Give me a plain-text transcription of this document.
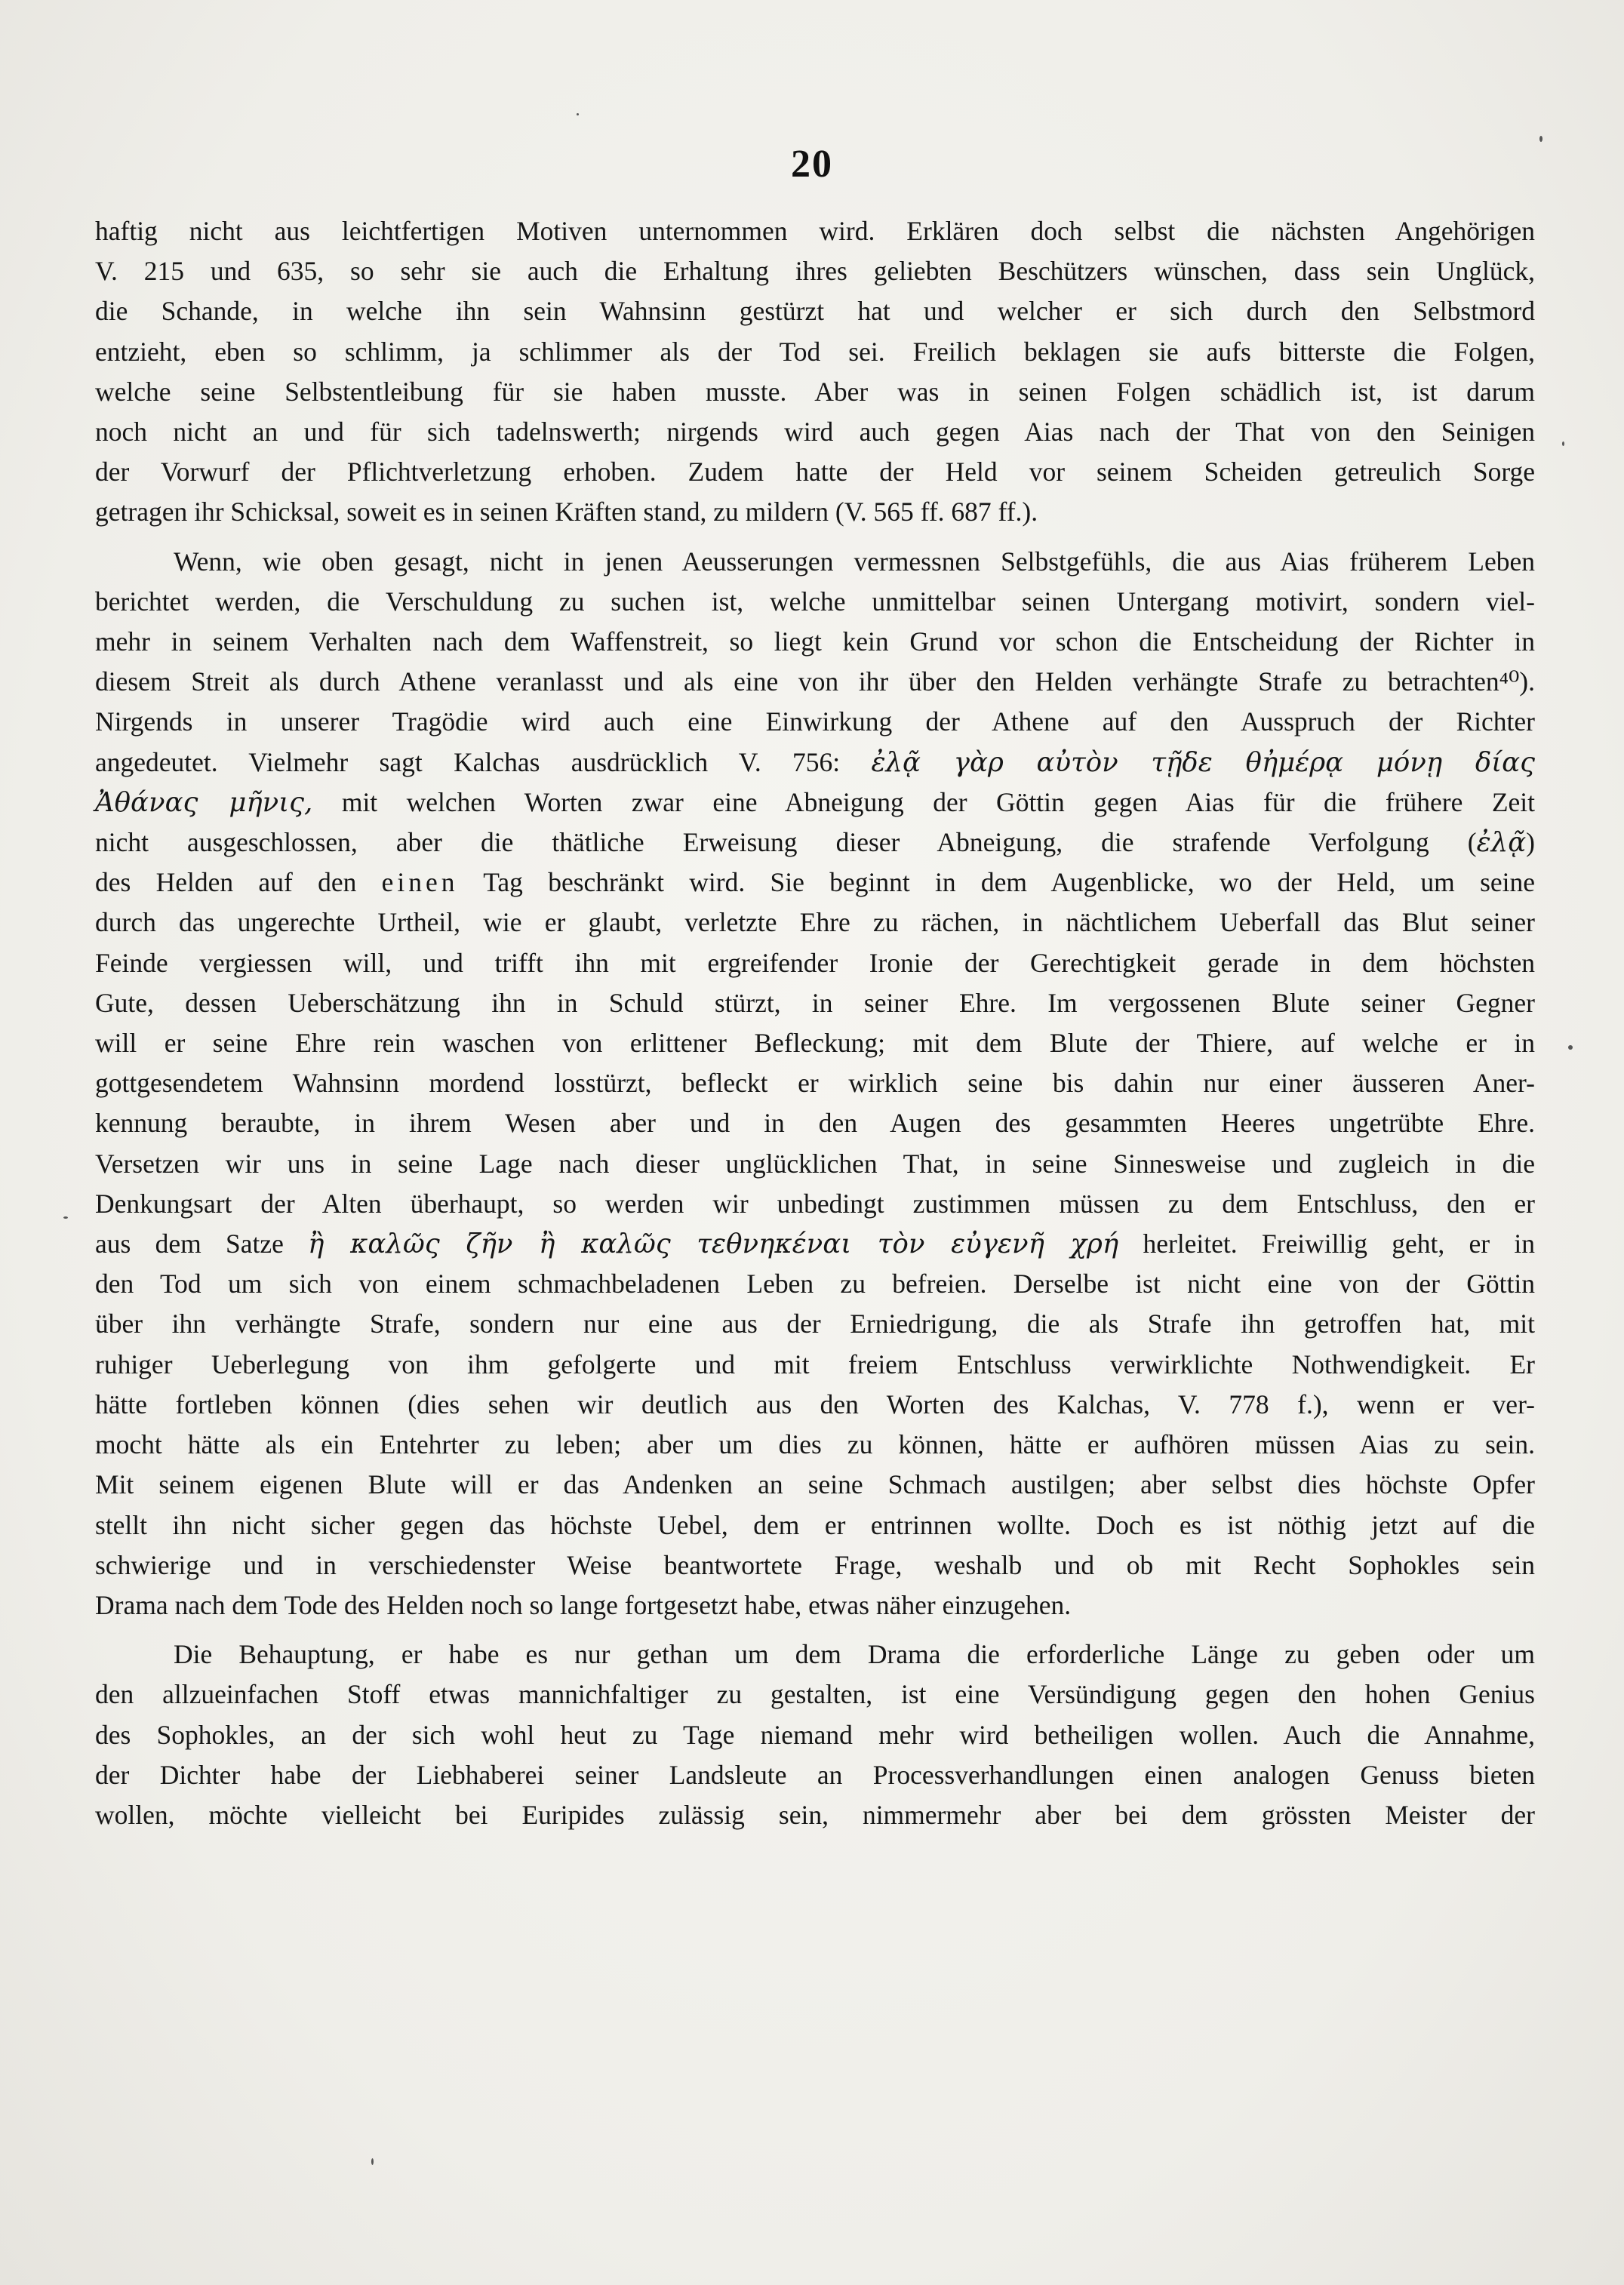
20

haftig nicht aus leichtfertigen Motiven unternommen wird. Erklären doch selbst die nächsten Angehörigen
V. 215 und 635, so sehr sie auch die Erhaltung ihres geliebten Beschützers wünschen, dass sein Unglück,
die Schande, in welche ihn sein Wahnsinn gestürzt hat und welcher er sich durch den Selbstmord
entzieht, eben so schlimm, ja schlimmer als der Tod sei. Freilich beklagen sie aufs bitterste die Folgen,
welche seine Selbstentleibung für sie haben musste. Aber was in seinen Folgen schädlich ist, ist darum
noch nicht an und für sich tadelnswerth; nirgends wird auch gegen Aias nach der That von den Seinigen
der Vorwurf der Pflichtverletzung erhoben. Zudem hatte der Held vor seinem Scheiden getreulich Sorge
getragen ihr Schicksal, soweit es in seinen Kräften stand, zu mildern (V. 565 ff. 687 ff.).

Wenn, wie oben gesagt, nicht in jenen Aeusserungen vermessnen Selbstgefühls, die aus Aias früherem Leben
berichtet werden, die Verschuldung zu suchen ist, welche unmittelbar seinen Untergang motivirt, sondern viel-
mehr in seinem Verhalten nach dem Waffenstreit, so liegt kein Grund vor schon die Entscheidung der Richter in
diesem Streit als durch Athene veranlasst und als eine von ihr über den Helden verhängte Strafe zu betrachten⁴⁰).
Nirgends in unserer Tragödie wird auch eine Einwirkung der Athene auf den Ausspruch der Richter
angedeutet. Vielmehr sagt Kalchas ausdrücklich V. 756: ἐλᾷ γὰρ αὐτὸν τῇδε θἠμέρᾳ μόνῃ δίας
Ἀθάνας μῆνις, mit welchen Worten zwar eine Abneigung der Göttin gegen Aias für die frühere Zeit
nicht ausgeschlossen, aber die thätliche Erweisung dieser Abneigung, die strafende Verfolgung (ἐλᾷ)
des Helden auf den einen Tag beschränkt wird. Sie beginnt in dem Augenblicke, wo der Held, um seine
durch das ungerechte Urtheil, wie er glaubt, verletzte Ehre zu rächen, in nächtlichem Ueberfall das Blut seiner
Feinde vergiessen will, und trifft ihn mit ergreifender Ironie der Gerechtigkeit gerade in dem höchsten
Gute, dessen Ueberschätzung ihn in Schuld stürzt, in seiner Ehre. Im vergossenen Blute seiner Gegner
will er seine Ehre rein waschen von erlittener Befleckung; mit dem Blute der Thiere, auf welche er in
gottgesendetem Wahnsinn mordend losstürzt, befleckt er wirklich seine bis dahin nur einer äusseren Aner-
kennung beraubte, in ihrem Wesen aber und in den Augen des gesammten Heeres ungetrübte Ehre.
Versetzen wir uns in seine Lage nach dieser unglücklichen That, in seine Sinnesweise und zugleich in die
Denkungsart der Alten überhaupt, so werden wir unbedingt zustimmen müssen zu dem Entschluss, den er
aus dem Satze ἢ καλῶς ζῆν ἢ καλῶς τεθνηκέναι τὸν εὐγενῆ χρή herleitet. Freiwillig geht, er in
den Tod um sich von einem schmachbeladenen Leben zu befreien. Derselbe ist nicht eine von der Göttin
über ihn verhängte Strafe, sondern nur eine aus der Erniedrigung, die als Strafe ihn getroffen hat, mit
ruhiger Ueberlegung von ihm gefolgerte und mit freiem Entschluss verwirklichte Nothwendigkeit. Er
hätte fortleben können (dies sehen wir deutlich aus den Worten des Kalchas, V. 778 f.), wenn er ver-
mocht hätte als ein Entehrter zu leben; aber um dies zu können, hätte er aufhören müssen Aias zu sein.
Mit seinem eigenen Blute will er das Andenken an seine Schmach austilgen; aber selbst dies höchste Opfer
stellt ihn nicht sicher gegen das höchste Uebel, dem er entrinnen wollte. Doch es ist nöthig jetzt auf die
schwierige und in verschiedenster Weise beantwortete Frage, weshalb und ob mit Recht Sophokles sein
Drama nach dem Tode des Helden noch so lange fortgesetzt habe, etwas näher einzugehen.

Die Behauptung, er habe es nur gethan um dem Drama die erforderliche Länge zu geben oder um
den allzueinfachen Stoff etwas mannichfaltiger zu gestalten, ist eine Versündigung gegen den hohen Genius
des Sophokles, an der sich wohl heut zu Tage niemand mehr wird betheiligen wollen. Auch die Annahme,
der Dichter habe der Liebhaberei seiner Landsleute an Processverhandlungen einen analogen Genuss bieten
wollen, möchte vielleicht bei Euripides zulässig sein, nimmermehr aber bei dem grössten Meister der
